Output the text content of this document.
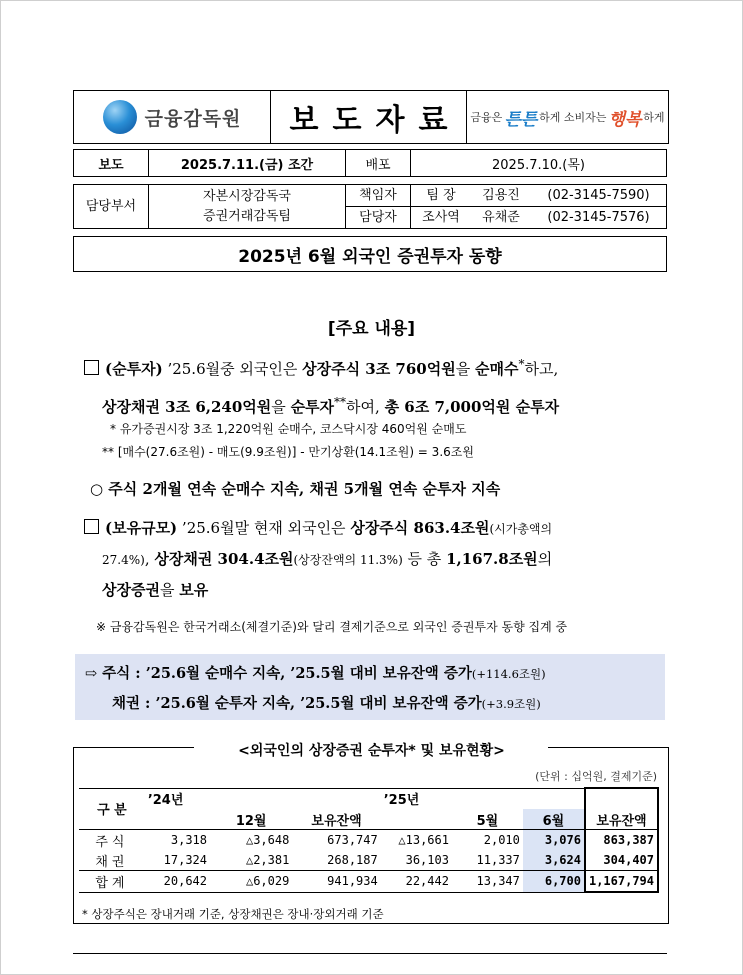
금융감독원	보도자료 금융은 튼튼 하게 소비자는 행복 하게
보도	2025.7.11.(금) 조간	배포	2025.7.10.(목)
담당부서	자본시장감독국
증권거래감독팀	책임자	팀 장	김용진	(02-3145-7590)
		담당자	조사역	유채준	(02-3145-7576)
2025년 6월 외국인 증권투자 동향
[주요 내용]
(순투자) ’25.6월중 외국인은 상장주식 3조 760억원을 순매수*하고,
상장채권 3조 6,240억원을 순투자**하여, 총 6조 7,000억원 순투자
* 유가증권시장 3조 1,220억원 순매수, 코스닥시장 460억원 순매도
** [매수(27.6조원) - 매도(9.9조원)] - 만기상환(14.1조원) = 3.6조원
○ 주식 2개월 연속 순매수 지속, 채권 5개월 연속 순투자 지속
(보유규모) ’25.6월말 현재 외국인은 상장주식 863.4조원(시가총액의
27.4%), 상장채권 304.4조원(상장잔액의 11.3%) 등 총 1,167.8조원의
상장증권을 보유
※ 금융감독원은 한국거래소(체결기준)와 달리 결제기준으로 외국인 증권투자 동향 집계 중
⇨ 주식 : ’25.6월 순매수 지속, ’25.5월 대비 보유잔액 증가(+114.6조원)
채권 : ’25.6월 순투자 지속, ’25.5월 대비 보유잔액 증가(+3.9조원)
<외국인의 상장증권 순투자* 및 보유현황>
(단위 : 십억원, 결제기준)
구 분	’24년			’25년			
		12월	보유잔액		5월	6월	보유잔액
주식	3,318	△3,648	673,747	△13,661	2,010	3,076	863,387
채권	17,324	△2,381	268,187	36,103	11,337	3,624	304,407
합계	20,642	△6,029	941,934	22,442	13,347	6,700	1,167,794
* 상장주식은 장내거래 기준, 상장채권은 장내·장외거래 기준
